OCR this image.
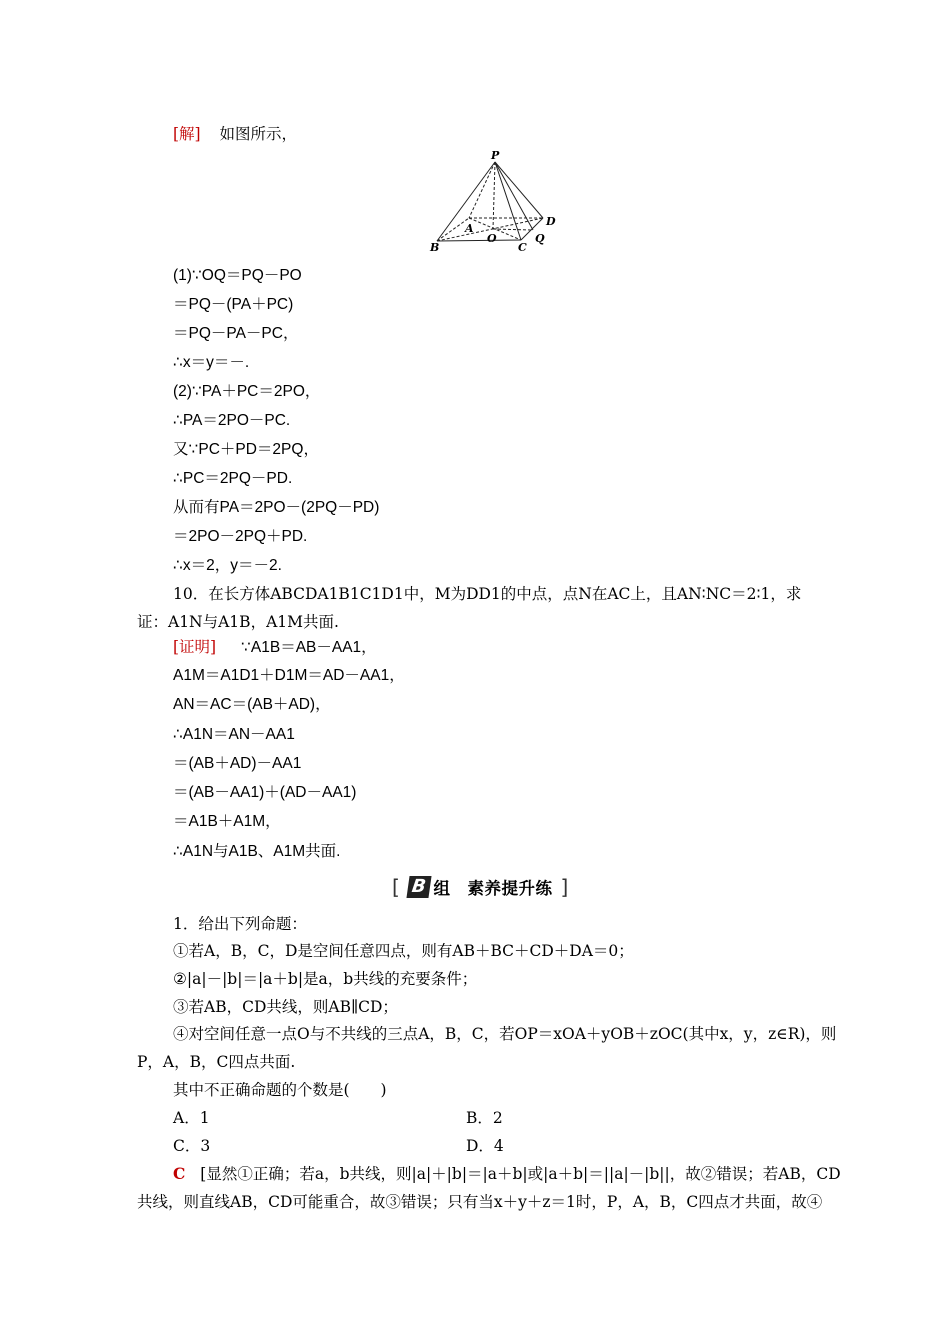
[解] 如图所示，
P
A
B	C
D
O	Q
(1)∵OQ＝PQ－PO
＝PQ－(PA＋PC)
＝PQ－PA－PC，
∴x＝y＝－.
(2)∵PA＋PC＝2PO，
∴PA＝2PO－PC.
又∵PC＋PD＝2PQ，
∴PC＝2PQ－PD.
从而有PA＝2PO－(2PQ－PD)
＝2PO－2PQ＋PD.
∴x＝2，y＝－2.
10．在长方体ABCDA1B1C1D1中，M为DD1的中点，点N在AC上，且AN∶NC＝2∶1，求
证：A1N与A1B，A1M共面.
[证明] ∵A1B＝AB－AA1，
A1M＝A1D1＋D1M＝AD－AA1，
AN＝AC＝(AB＋AD)，
∴A1N＝AN－AA1
＝(AB＋AD)－AA1
＝(AB－AA1)＋(AD－AA1)
＝A1B＋A1M，
∴A1N与A1B、A1M共面.
[ B 组　素养提升练 ]
1．给出下列命题：
①若A，B，C，D是空间任意四点，则有AB＋BC＋CD＋DA＝0；
②|a|－|b|＝|a＋b|是a，b共线的充要条件；
③若AB，CD共线，则AB∥CD；
④对空间任意一点O与不共线的三点A，B，C，若OP＝xOA＋yOB＋zOC(其中x，y，z∈R)，则
P，A，B，C四点共面.
其中不正确命题的个数是(　　)
A．1	B．2
C．3	D．4
C [显然①正确；若a，b共线，则|a|＋|b|＝|a＋b|或|a＋b|＝||a|－|b||，故②错误；若AB，CD
共线，则直线AB，CD可能重合，故③错误；只有当x＋y＋z＝1时，P，A，B，C四点才共面，故④
